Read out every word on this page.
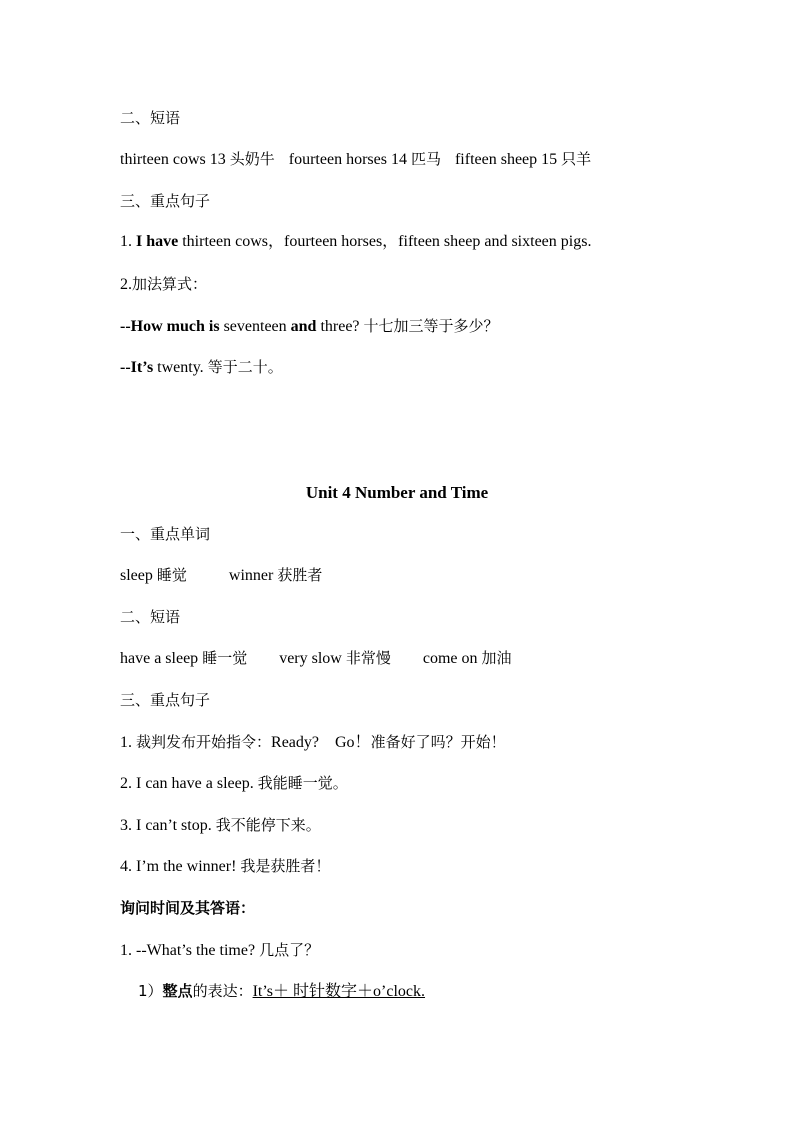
二、短语
thirteen cows 13 头奶牛 fourteen horses 14 匹马 fifteen sheep 15 只羊
三、重点句子
1. I have thirteen cows，fourteen horses，fifteen sheep and sixteen pigs.
2.加法算式：
--How much is seventeen and three? 十七加三等于多少？
--It’s twenty. 等于二十。
Unit 4 Number and Time
一、重点单词
sleep 睡觉	winner 获胜者
二、短语
have a sleep 睡一觉 very slow 非常慢 come on 加油
三、重点句子
1. 裁判发布开始指令：Ready?    Go！准备好了吗？开始！
2. I can have a sleep. 我能睡一觉。
3. I can’t stop. 我不能停下来。
4. I’m the winner! 我是获胜者！
询问时间及其答语：
1. --What’s the time? 几点了？
1）整点的表达：It’s＋ 时针数字＋o’clock.
